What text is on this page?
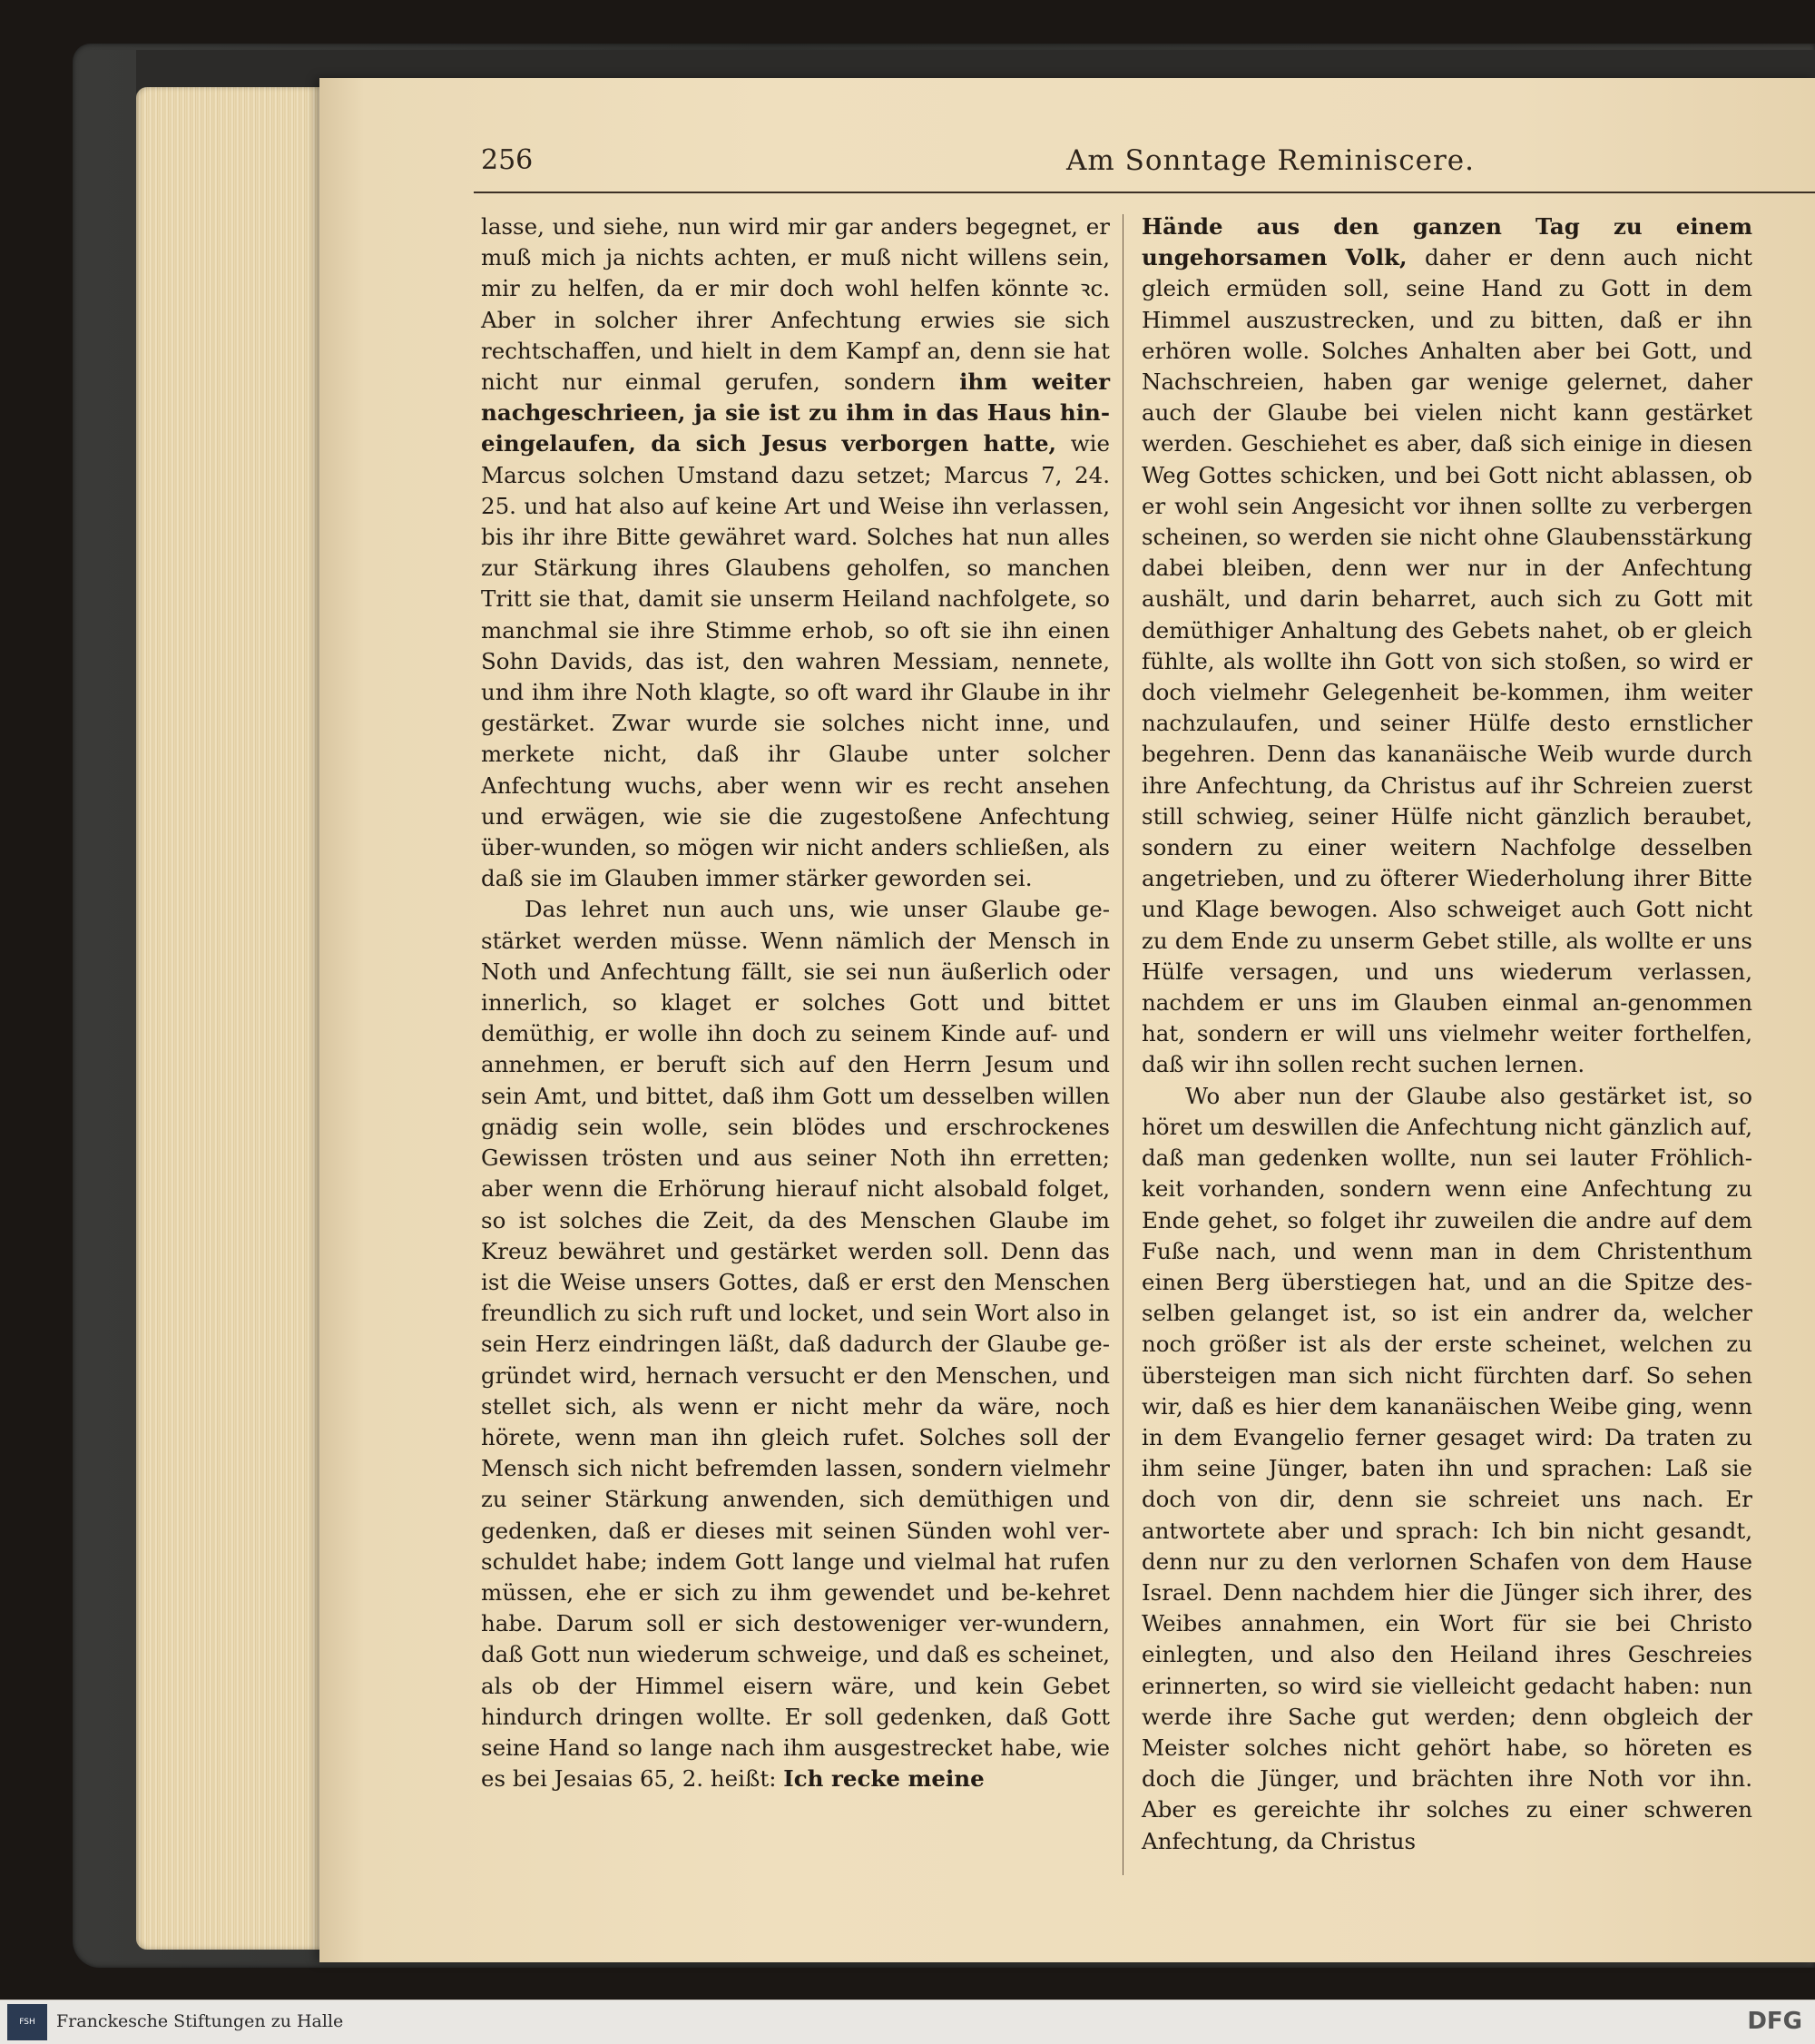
256	Am Sonntage Reminiscere.

lasse, und siehe, nun wird mir gar anders begegnet, er muß mich ja nichts achten, er muß nicht willens sein, mir zu helfen, da er mir doch wohl helfen könnte ꝛc. Aber in solcher ihrer Anfechtung erwies sie sich rechtschaffen, und hielt in dem Kampf an, denn sie hat nicht nur einmal gerufen, sondern ihm weiter nachgeschrieen, ja sie ist zu ihm in das Haus hin-eingelaufen, da sich Jesus verborgen hatte, wie Marcus solchen Umstand dazu setzet; Marcus 7, 24. 25. und hat also auf keine Art und Weise ihn verlassen, bis ihr ihre Bitte gewähret ward. Solches hat nun alles zur Stärkung ihres Glaubens geholfen, so manchen Tritt sie that, damit sie unserm Heiland nachfolgete, so manchmal sie ihre Stimme erhob, so oft sie ihn einen Sohn Davids, das ist, den wahren Messiam, nennete, und ihm ihre Noth klagte, so oft ward ihr Glaube in ihr gestärket. Zwar wurde sie solches nicht inne, und merkete nicht, daß ihr Glaube unter solcher Anfechtung wuchs, aber wenn wir es recht ansehen und erwägen, wie sie die zugestoßene Anfechtung über-wunden, so mögen wir nicht anders schließen, als daß sie im Glauben immer stärker geworden sei.

Das lehret nun auch uns, wie unser Glaube ge-stärket werden müsse. Wenn nämlich der Mensch in Noth und Anfechtung fällt, sie sei nun äußerlich oder innerlich, so klaget er solches Gott und bittet demüthig, er wolle ihn doch zu seinem Kinde auf- und annehmen, er beruft sich auf den Herrn Jesum und sein Amt, und bittet, daß ihm Gott um desselben willen gnädig sein wolle, sein blödes und erschrockenes Gewissen trösten und aus seiner Noth ihn erretten; aber wenn die Erhörung hierauf nicht alsobald folget, so ist solches die Zeit, da des Menschen Glaube im Kreuz bewähret und gestärket werden soll. Denn das ist die Weise unsers Gottes, daß er erst den Menschen freundlich zu sich ruft und locket, und sein Wort also in sein Herz eindringen läßt, daß dadurch der Glaube ge-gründet wird, hernach versucht er den Menschen, und stellet sich, als wenn er nicht mehr da wäre, noch hörete, wenn man ihn gleich rufet. Solches soll der Mensch sich nicht befremden lassen, sondern vielmehr zu seiner Stärkung anwenden, sich demüthigen und gedenken, daß er dieses mit seinen Sünden wohl ver-schuldet habe; indem Gott lange und vielmal hat rufen müssen, ehe er sich zu ihm gewendet und be-kehret habe. Darum soll er sich destoweniger ver-wundern, daß Gott nun wiederum schweige, und daß es scheinet, als ob der Himmel eisern wäre, und kein Gebet hindurch dringen wollte. Er soll gedenken, daß Gott seine Hand so lange nach ihm ausgestrecket habe, wie es bei Jesaias 65, 2. heißt: Ich recke meine

Hände aus den ganzen Tag zu einem ungehorsamen Volk, daher er denn auch nicht gleich ermüden soll, seine Hand zu Gott in dem Himmel auszustrecken, und zu bitten, daß er ihn erhören wolle. Solches Anhalten aber bei Gott, und Nachschreien, haben gar wenige gelernet, daher auch der Glaube bei vielen nicht kann gestärket werden. Geschiehet es aber, daß sich einige in diesen Weg Gottes schicken, und bei Gott nicht ablassen, ob er wohl sein Angesicht vor ihnen sollte zu verbergen scheinen, so werden sie nicht ohne Glaubensstärkung dabei bleiben, denn wer nur in der Anfechtung aushält, und darin beharret, auch sich zu Gott mit demüthiger Anhaltung des Gebets nahet, ob er gleich fühlte, als wollte ihn Gott von sich stoßen, so wird er doch vielmehr Gelegenheit be-kommen, ihm weiter nachzulaufen, und seiner Hülfe desto ernstlicher begehren. Denn das kananäische Weib wurde durch ihre Anfechtung, da Christus auf ihr Schreien zuerst still schwieg, seiner Hülfe nicht gänzlich beraubet, sondern zu einer weitern Nachfolge desselben angetrieben, und zu öfterer Wiederholung ihrer Bitte und Klage bewogen. Also schweiget auch Gott nicht zu dem Ende zu unserm Gebet stille, als wollte er uns Hülfe versagen, und uns wiederum verlassen, nachdem er uns im Glauben einmal an-genommen hat, sondern er will uns vielmehr weiter forthelfen, daß wir ihn sollen recht suchen lernen.

Wo aber nun der Glaube also gestärket ist, so höret um deswillen die Anfechtung nicht gänzlich auf, daß man gedenken wollte, nun sei lauter Fröhlich-keit vorhanden, sondern wenn eine Anfechtung zu Ende gehet, so folget ihr zuweilen die andre auf dem Fuße nach, und wenn man in dem Christenthum einen Berg überstiegen hat, und an die Spitze des-selben gelanget ist, so ist ein andrer da, welcher noch größer ist als der erste scheinet, welchen zu übersteigen man sich nicht fürchten darf. So sehen wir, daß es hier dem kananäischen Weibe ging, wenn in dem Evangelio ferner gesaget wird: Da traten zu ihm seine Jünger, baten ihn und sprachen: Laß sie doch von dir, denn sie schreiet uns nach. Er antwortete aber und sprach: Ich bin nicht gesandt, denn nur zu den verlornen Schafen von dem Hause Israel. Denn nachdem hier die Jünger sich ihrer, des Weibes annahmen, ein Wort für sie bei Christo einlegten, und also den Heiland ihres Geschreies erinnerten, so wird sie vielleicht gedacht haben: nun werde ihre Sache gut werden; denn obgleich der Meister solches nicht gehört habe, so höreten es doch die Jünger, und brächten ihre Noth vor ihn. Aber es gereichte ihr solches zu einer schweren Anfechtung, da Christus

FSH	Franckesche Stiftungen zu Halle	DFG
